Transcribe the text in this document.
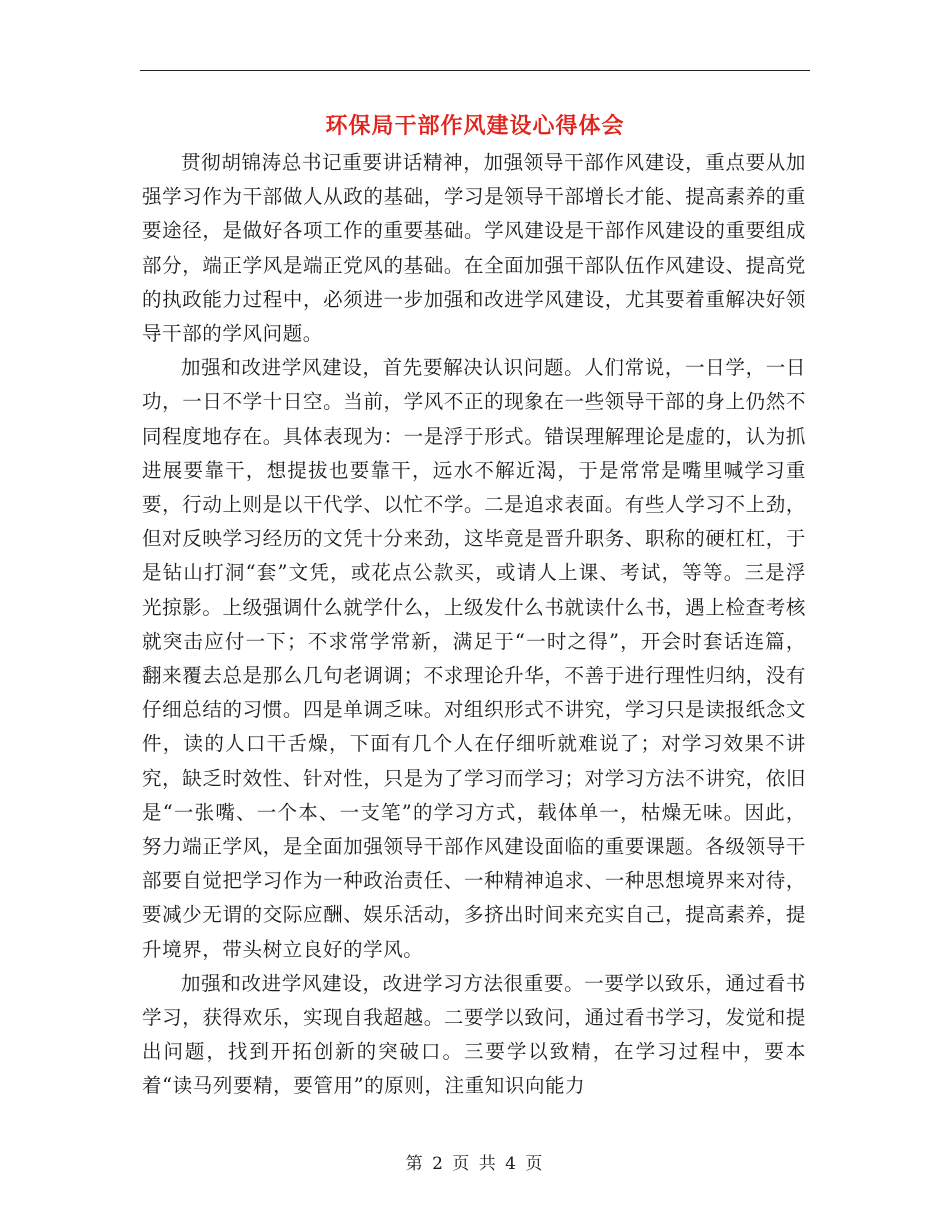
环保局干部作风建设心得体会

贯彻胡锦涛总书记重要讲话精神，加强领导干部作风建设，重点要从加强学习作为干部做人从政的基础，学习是领导干部增长才能、提高素养的重要途径，是做好各项工作的重要基础。学风建设是干部作风建设的重要组成部分，端正学风是端正党风的基础。在全面加强干部队伍作风建设、提高党的执政能力过程中，必须进一步加强和改进学风建设，尤其要着重解决好领导干部的学风问题。

加强和改进学风建设，首先要解决认识问题。人们常说，一日学，一日功，一日不学十日空。当前，学风不正的现象在一些领导干部的身上仍然不同程度地存在。具体表现为：一是浮于形式。错误理解理论是虚的，认为抓进展要靠干，想提拔也要靠干，远水不解近渴，于是常常是嘴里喊学习重要，行动上则是以干代学、以忙不学。二是追求表面。有些人学习不上劲，但对反映学习经历的文凭十分来劲，这毕竟是晋升职务、职称的硬杠杠，于是钻山打洞“套”文凭，或花点公款买，或请人上课、考试，等等。三是浮光掠影。上级强调什么就学什么，上级发什么书就读什么书，遇上检查考核就突击应付一下；不求常学常新，满足于“一时之得”，开会时套话连篇，翻来覆去总是那么几句老调调；不求理论升华，不善于进行理性归纳，没有仔细总结的习惯。四是单调乏味。对组织形式不讲究，学习只是读报纸念文件，读的人口干舌燥，下面有几个人在仔细听就难说了；对学习效果不讲究，缺乏时效性、针对性，只是为了学习而学习；对学习方法不讲究，依旧是“一张嘴、一个本、一支笔”的学习方式，载体单一，枯燥无味。因此，努力端正学风，是全面加强领导干部作风建设面临的重要课题。各级领导干部要自觉把学习作为一种政治责任、一种精神追求、一种思想境界来对待，要减少无谓的交际应酬、娱乐活动，多挤出时间来充实自己，提高素养，提升境界，带头树立良好的学风。

加强和改进学风建设，改进学习方法很重要。一要学以致乐，通过看书学习，获得欢乐，实现自我超越。二要学以致问，通过看书学习，发觉和提出问题，找到开拓创新的突破口。三要学以致精，在学习过程中，要本着“读马列要精，要管用”的原则，注重知识向能力

第 2 页 共 4 页
